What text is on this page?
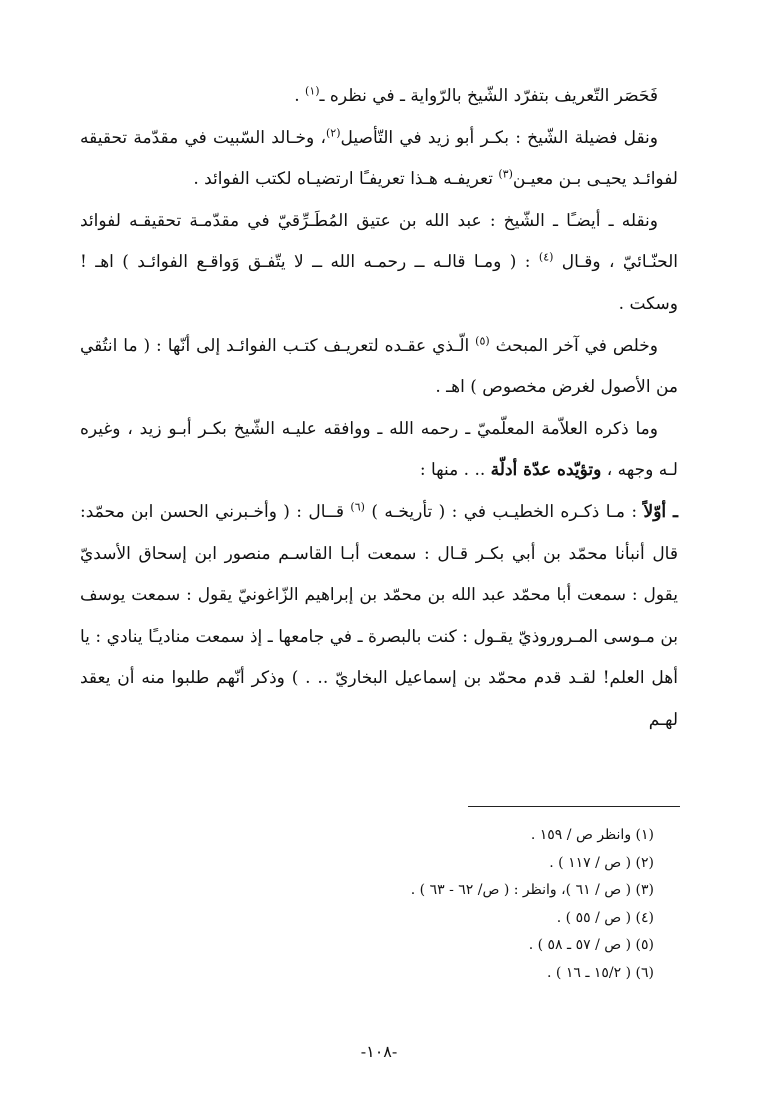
فَحَصَر التّعريف بتفرّد الشّيخ بالرّواية ـ في نظره ـ$^{(١)}$ .

ونقل فضيلة الشّيخ : بكـر أبو زيد في التّأصيل$^{(٢)}$، وخـالد السّبيت في مقدّمة تحقيقه لفوائـد يحيـى بـن معيـن$^{(٣)}$ تعريفـه هـذا تعريفـًا ارتضيـاه لكتب الفوائد .

ونقله ـ أيضـًا ـ الشّيخ : عبد الله بن عتيق المُطَـرِّقيّ في مقدّمـة تحقيقـه لفوائد الحنّـائيّ ، وقـال $^{(٤)}$ : ( ومـا قالـه ــ رحمـه الله ــ لا يتّفـق وَواقـع الفوائـد ) اهـ ! وسكت .

وخلص في آخر المبحث $^{(٥)}$ الّـذي عقـده لتعريـف كتـب الفوائـد إلى أنّها : ( ما انتُقي من الأصول لغرض مخصوص ) اهـ .

وما ذكره العلاّمة المعلّميّ ـ رحمه الله ـ ووافقه عليـه الشّيخ بكـر أبـو زيد ، وغيره لـه وجهه ، وتؤيّده عدّة أدلّة .. . منها :

ـ أوّلاً : مـا ذكـره الخطيـب في : ( تأريخـه ) $^{(٦)}$ قــال : ( وأخـبرني الحسن ابن محمّد: قال أنبأنا محمّد بن أبي بكـر قـال : سمعت أبـا القاسـم منصور ابن إسحاق الأسديّ يقول : سمعت أبا محمّد عبد الله بن محمّد بن إبراهيم الزّاغونيّ يقول : سمعت يوسف بن مـوسى المـروروذيّ يقـول : كنت بالبصرة ـ في جامعها ـ إذ سمعت مناديـًا ينادي : يا أهل العلم! لقـد قدم محمّد بن إسماعيل البخاريّ .. . ) وذكر أنّهم طلبوا منه أن يعقد لهـم

(١) وانظر ص / ١٥٩ .
(٢) ( ص / ١١٧ ) .
(٣) ( ص / ٦١ )، وانظر : ( ص/ ٦٢ - ٦٣ ) .
(٤) ( ص / ٥٥ ) .
(٥) ( ص / ٥٧ ـ ٥٨ ) .
(٦) ( ١٥/٢ ـ ١٦ ) .
-١٠٨-
